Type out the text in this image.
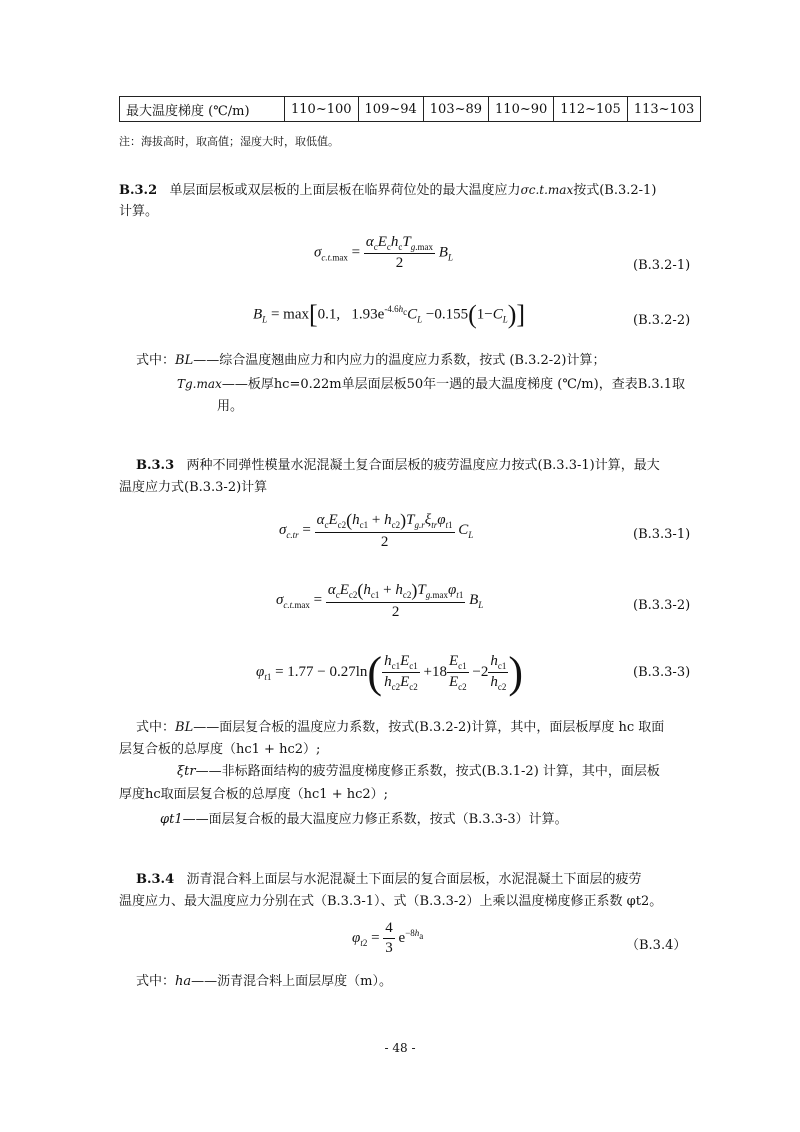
最大温度梯度 (℃/m)	110~100	109~94	103~89	110~90	112~105	113~103
注：海拔高时，取高值；湿度大时，取低值。
B.3.2 单层面层板或双层板的上面层板在临界荷位处的最大温度应力σc.t.max按式(B.3.2-1)
计算。
$\sigma_{c.t.max} = \frac{\alpha_cE_ch_cT_{g.max}}{2} B_L$
(B.3.2-1)
$B_L = \max[0.1$,   $1.93e^{-4.6h_c}C_L -0.155(1-C_L)$]	(B.3.2-2)
式中：BL——综合温度翘曲应力和内应力的温度应力系数，按式 (B.3.2-2)计算；
Tg.max——板厚hc=0.22m单层面层板50年一遇的最大温度梯度 (℃/m)，查表B.3.1取
用。
B.3.3 两种不同弹性模量水泥混凝土复合面层板的疲劳温度应力按式(B.3.3-1)计算，最大
温度应力式(B.3.3-2)计算
$\sigma_{c.tr} = \frac{\alpha_cE_{c2}(h_{c1} + h_{c2})T_{g.r}\xi_{tr}\varphi_{t1}}{2} C_L$	(B.3.3-1)
$\sigma_{c.t.max} = \frac{\alpha_cE_{c2}(h_{c1} + h_{c2})T_{g.max}\varphi_{t1}}{2} B_L$	(B.3.3-2)
$\varphi_{t1} = 1.77 - 0.27\ln( \frac{h_{c1}E_{c1}}{h_{c2}E_{c2}} +18 \frac{E_{c1}}{E_{c2}} -2 \frac{h_{c1}}{h_{c2}}$ )	(B.3.3-3)
式中：BL——面层复合板的温度应力系数，按式(B.3.2-2)计算，其中，面层板厚度 hc 取面
层复合板的总厚度（hc1 + hc2）;
ξtr——非标路面结构的疲劳温度梯度修正系数，按式(B.3.1-2) 计算，其中，面层板
厚度hc取面层复合板的总厚度（hc1 + hc2）;
φt1——面层复合板的最大温度应力修正系数，按式（B.3.3-3）计算。
B.3.4 沥青混合料上面层与水泥混凝土下面层的复合面层板，水泥混凝土下面层的疲劳
温度应力、最大温度应力分别在式（B.3.3-1）、式（B.3.3-2）上乘以温度梯度修正系数 φt2。
$\varphi_{t2} = \frac{4}{3} e^{-8h_a}$
（B.3.4）
式中：ha——沥青混合料上面层厚度（m）。
- 48 -
